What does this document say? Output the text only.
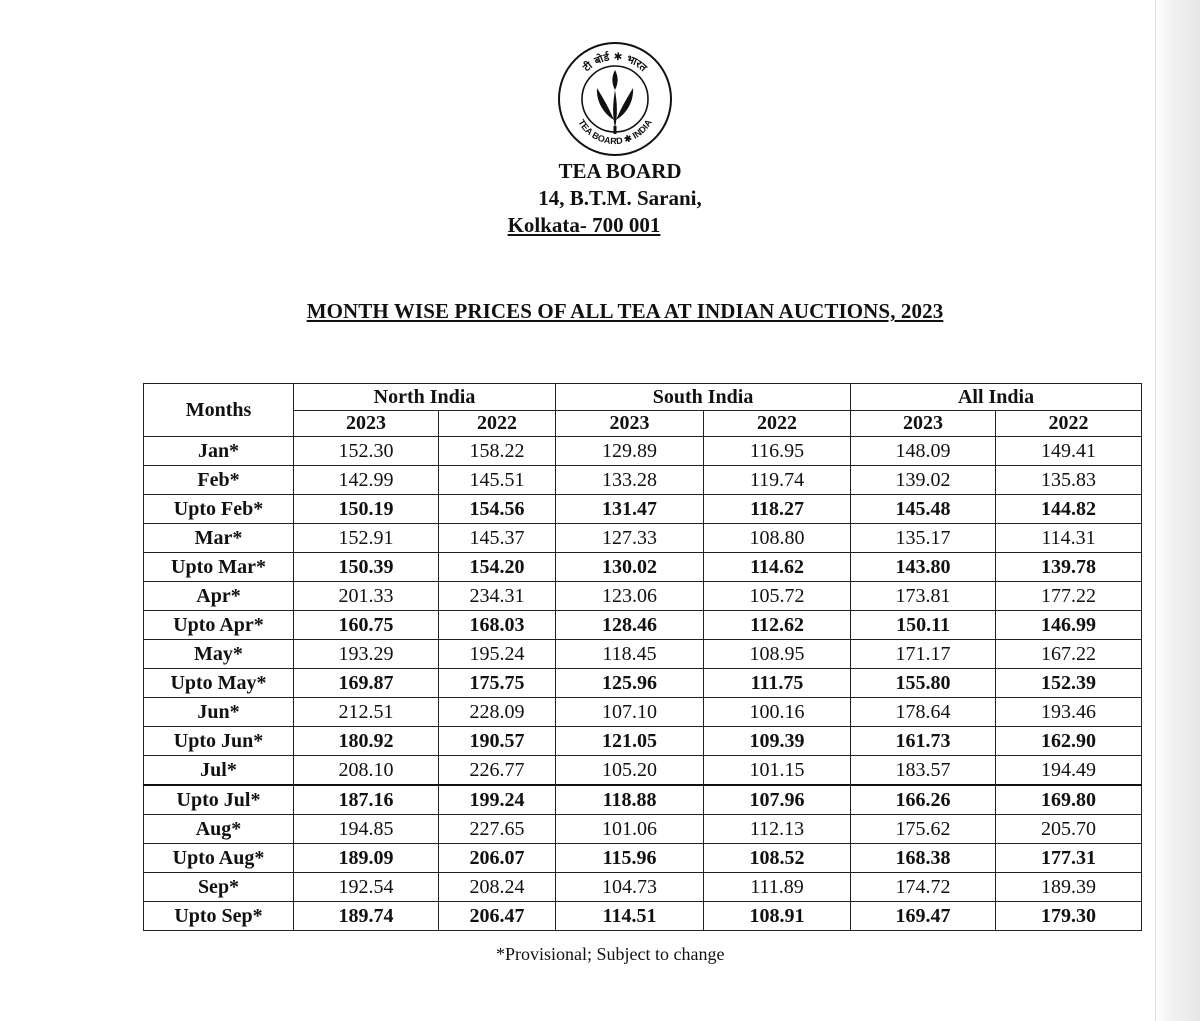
टी बोर्ड ✱ भारत
TEA BOARD ✱ INDIA
TEA BOARD
14, B.T.M. Sarani,
Kolkata- 700 001
MONTH WISE PRICES OF ALL TEA AT INDIAN AUCTIONS, 2023
Months	North India		South India		All India	
	2023	2022	2023	2022	2023	2022
Jan*	152.30	158.22	129.89	116.95	148.09	149.41
Feb*	142.99	145.51	133.28	119.74	139.02	135.83
Upto Feb*	150.19	154.56	131.47	118.27	145.48	144.82
Mar*	152.91	145.37	127.33	108.80	135.17	114.31
Upto Mar*	150.39	154.20	130.02	114.62	143.80	139.78
Apr*	201.33	234.31	123.06	105.72	173.81	177.22
Upto Apr*	160.75	168.03	128.46	112.62	150.11	146.99
May*	193.29	195.24	118.45	108.95	171.17	167.22
Upto May*	169.87	175.75	125.96	111.75	155.80	152.39
Jun*	212.51	228.09	107.10	100.16	178.64	193.46
Upto Jun*	180.92	190.57	121.05	109.39	161.73	162.90
Jul*	208.10	226.77	105.20	101.15	183.57	194.49
Upto Jul*	187.16	199.24	118.88	107.96	166.26	169.80
Aug*	194.85	227.65	101.06	112.13	175.62	205.70
Upto Aug*	189.09	206.07	115.96	108.52	168.38	177.31
Sep*	192.54	208.24	104.73	111.89	174.72	189.39
Upto Sep*	189.74	206.47	114.51	108.91	169.47	179.30
*Provisional; Subject to change
